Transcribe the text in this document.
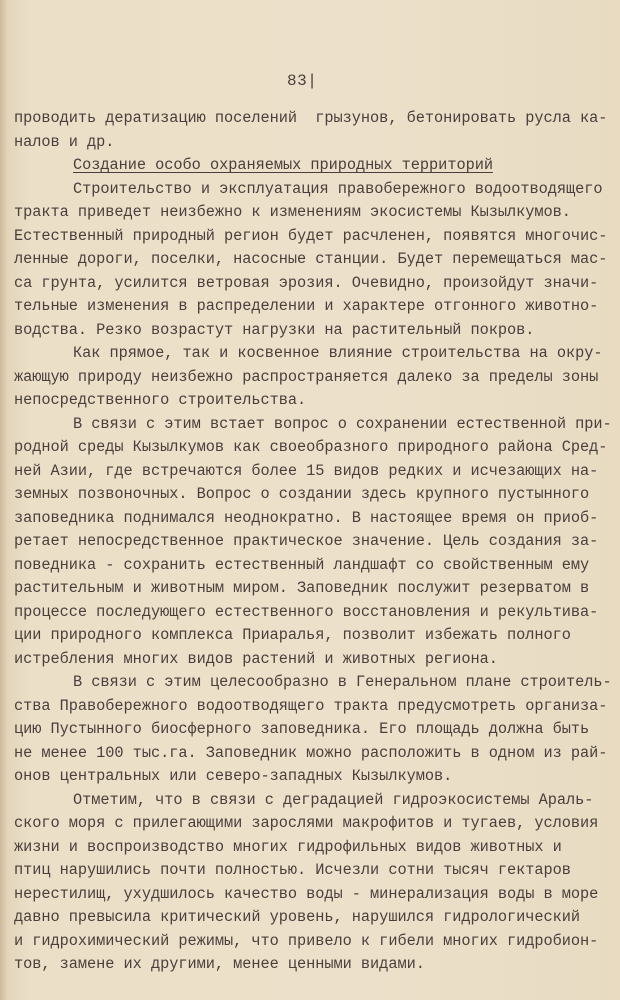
83|
проводить дератизацию поселений  грызунов, бетонировать русла ка-
налов и др.
Создание особо охраняемых природных территорий
Строительство и эксплуатация правобережного водоотводящего
тракта приведет неизбежно к изменениям экосистемы Кызылкумов.
Естественный природный регион будет расчленен, появятся многочис-
ленные дороги, поселки, насосные станции. Будет перемещаться мас-
са грунта, усилится ветровая эрозия. Очевидно, произойдут значи-
тельные изменения в распределении и характере отгонного животно-
водства. Резко возрастут нагрузки на растительный покров.
Как прямое, так и косвенное влияние строительства на окру-
жающую природу неизбежно распространяется далеко за пределы зоны
непосредственного строительства.
В связи с этим встает вопрос о сохранении естественной при-
родной среды Кызылкумов как своеобразного природного района Сред-
ней Азии, где встречаются более 15 видов редких и исчезающих на-
земных позвоночных. Вопрос о создании здесь крупного пустынного
заповедника поднимался неоднократно. В настоящее время он приоб-
ретает непосредственное практическое значение. Цель создания за-
поведника - сохранить естественный ландшафт со свойственным ему
растительным и животным миром. Заповедник послужит резерватом в
процессе последующего естественного восстановления и рекультива-
ции природного комплекса Приаралья, позволит избежать полного
истребления многих видов растений и животных региона.
В связи с этим целесообразно в Генеральном плане строитель-
ства Правобережного водоотводящего тракта предусмотреть организа-
цию Пустынного биосферного заповедника. Его площадь должна быть
не менее 100 тыс.га. Заповедник можно расположить в одном из рай-
онов центральных или северо-западных Кызылкумов.
Отметим, что в связи с деградацией гидроэкосистемы Араль-
ского моря с прилегающими зарослями макрофитов и тугаев, условия
жизни и воспроизводство многих гидрофильных видов животных и
птиц нарушились почти полностью. Исчезли сотни тысяч гектаров
нерестилищ, ухудшилось качество воды - минерализация воды в море
давно превысила критический уровень, нарушился гидрологический
и гидрохимический режимы, что привело к гибели многих гидробион-
тов, замене их другими, менее ценными видами.
